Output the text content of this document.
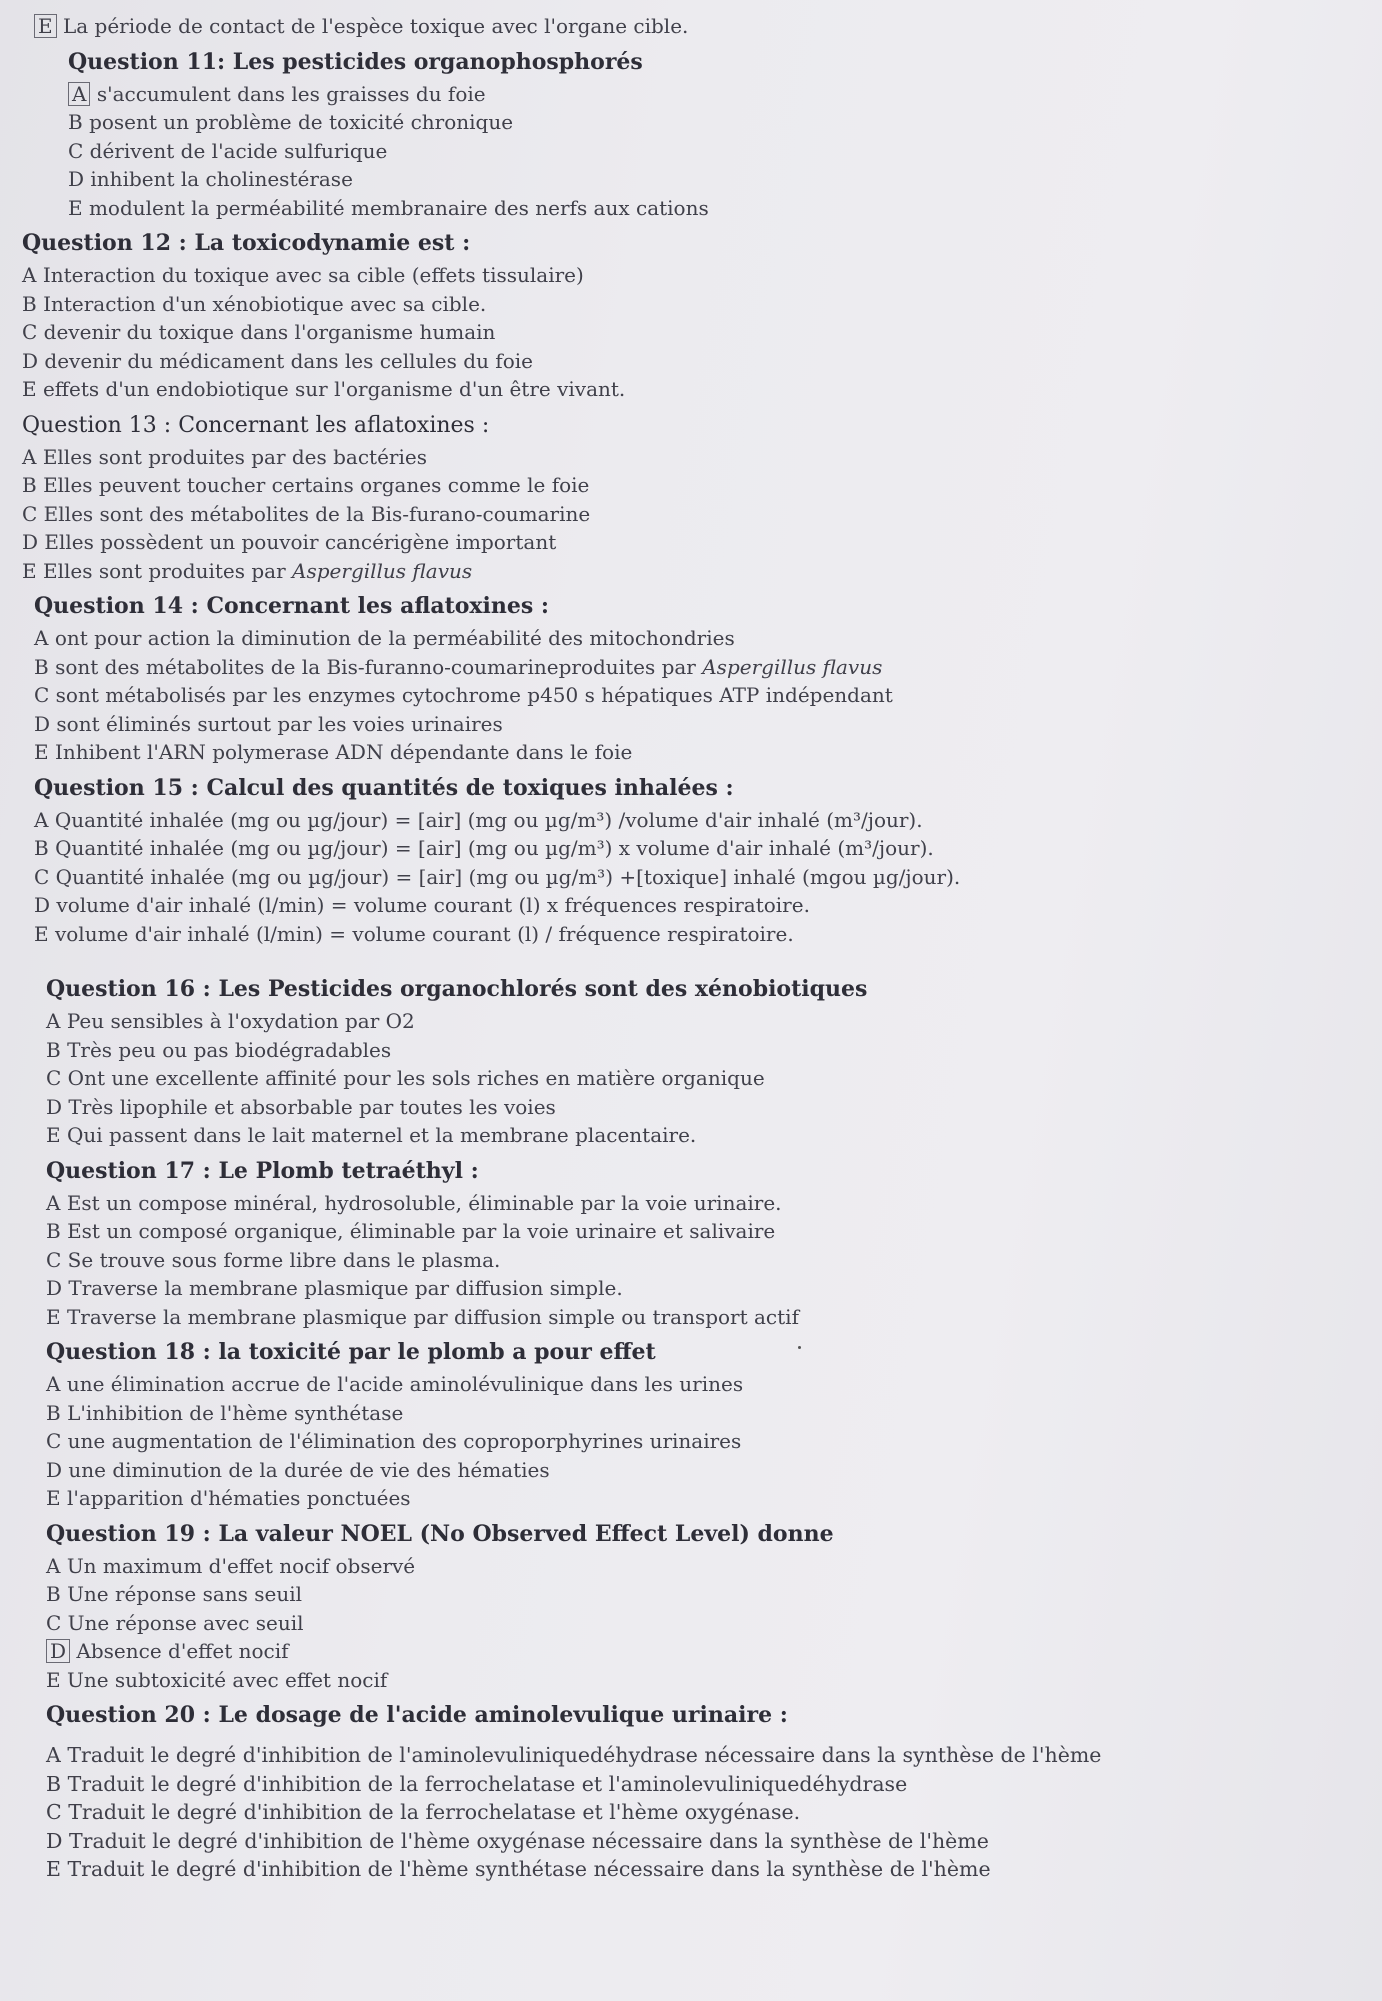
E La période de contact de l'espèce toxique avec l'organe cible.
Question 11: Les pesticides organophosphorés
A s'accumulent dans les graisses du foie
B posent un problème de toxicité chronique
C dérivent de l'acide sulfurique
D inhibent la cholinestérase
E modulent la perméabilité membranaire des nerfs aux cations
Question 12 : La toxicodynamie est :
A Interaction du toxique avec sa cible (effets tissulaire)
B Interaction d'un xénobiotique avec sa cible.
C devenir du toxique dans l'organisme humain
D devenir du médicament dans les cellules du foie
E effets d'un endobiotique sur l'organisme d'un être vivant.
Question 13 : Concernant les aflatoxines :
A Elles sont produites par des bactéries
B Elles peuvent toucher certains organes comme le foie
C Elles sont des métabolites de la Bis-furano-coumarine
D Elles possèdent un pouvoir cancérigène important
E Elles sont produites par Aspergillus flavus
Question 14 : Concernant les aflatoxines :
A ont pour action la diminution de la perméabilité des mitochondries
B sont des métabolites de la Bis-furanno-coumarineproduites par Aspergillus flavus
C sont métabolisés par les enzymes cytochrome p450 s hépatiques ATP indépendant
D sont éliminés surtout par les voies urinaires
E Inhibent l'ARN polymerase ADN dépendante dans le foie
Question 15 : Calcul des quantités de toxiques inhalées :
A Quantité inhalée (mg ou µg/jour) = [air] (mg ou µg/m³) /volume d'air inhalé (m³/jour).
B Quantité inhalée (mg ou µg/jour) = [air] (mg ou µg/m³) x volume d'air inhalé (m³/jour).
C Quantité inhalée (mg ou µg/jour) = [air] (mg ou µg/m³) +[toxique] inhalé (mgou µg/jour).
D volume d'air inhalé (l/min) = volume courant (l) x fréquences respiratoire.
E volume d'air inhalé (l/min) = volume courant (l) / fréquence respiratoire.
Question 16 : Les Pesticides organochlorés sont des xénobiotiques
A Peu sensibles à l'oxydation par O2
B Très peu ou pas biodégradables
C Ont une excellente affinité pour les sols riches en matière organique
D Très lipophile et absorbable par toutes les voies
E Qui passent dans le lait maternel et la membrane placentaire.
Question 17 : Le Plomb tetraéthyl :
A Est un compose minéral, hydrosoluble, éliminable par la voie urinaire.
B Est un composé organique, éliminable par la voie urinaire et salivaire
C Se trouve sous forme libre dans le plasma.
D Traverse la membrane plasmique par diffusion simple.
E Traverse la membrane plasmique par diffusion simple ou transport actif
Question 18 : la toxicité par le plomb a pour effet
A une élimination accrue de l'acide aminolévulinique dans les urines
B L'inhibition de l'hème synthétase
C une augmentation de l'élimination des coproporphyrines urinaires
D une diminution de la durée de vie des hématies
E l'apparition d'hématies ponctuées
Question 19 : La valeur NOEL (No Observed Effect Level) donne
A Un maximum d'effet nocif observé
B Une réponse sans seuil
C Une réponse avec seuil
D Absence d'effet nocif
E Une subtoxicité avec effet nocif
Question 20 : Le dosage de l'acide aminolevulique urinaire :
A Traduit le degré d'inhibition de l'aminolevuliniquedéhydrase nécessaire dans la synthèse de l'hème
B Traduit le degré d'inhibition de la ferrochelatase et l'aminolevuliniquedéhydrase
C Traduit le degré d'inhibition de la ferrochelatase et l'hème oxygénase.
D Traduit le degré d'inhibition de l'hème oxygénase nécessaire dans la synthèse de l'hème
E Traduit le degré d'inhibition de l'hème synthétase nécessaire dans la synthèse de l'hème
